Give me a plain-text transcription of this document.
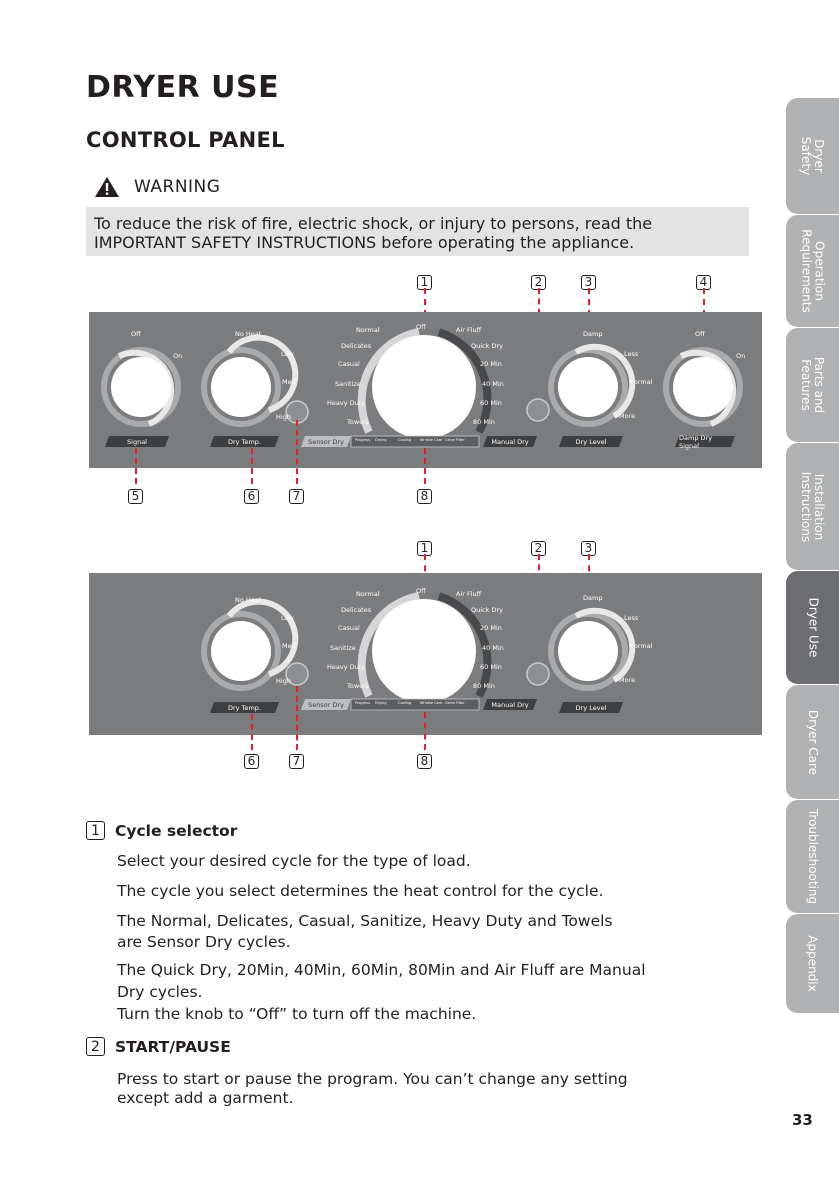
DRYER USE
CONTROL PANEL
WARNING
To reduce the risk of fire, electric shock, or injury to persons, read the
IMPORTANT SAFETY INSTRUCTIONS before operating the appliance.
Dryer
Safety
Operation
Requirements
Parts and
Features
Installation
Instructions
Dryer Use
Dryer Care
Troubleshooting
Appendix
1	2	3	4
Off
On
No Heat
Low
Med
High
Normal
Delicates
Casual
Sanitize
Heavy Duty
Towels
Off	Air Fluff
Quick Dry
20 Min
40 Min
60 Min
80 Min
Damp
Less
Normal
More
Off
On
Signal	Dry Temp.	Sensor Dry	Manual Dry	Dry Level	Damp Dry Signal
Progress Drying	Cooling	Wrinkle Care Clean Filter
5	6	7	8
1	2	3
No Heat
Low
Med
High
Normal
Delicates
Casual
Sanitize
Heavy Duty
Towels
Off	Air Fluff
Quick Dry
20 Min
40 Min
60 Min
80 Min
Damp
Less
Normal
More
Dry Temp.	Sensor Dry	Manual Dry	Dry Level
Progress Drying	Cooling	Wrinkle Care Clean Filter
6	7	8
1 Cycle selector
Select your desired cycle for the type of load.
The cycle you select determines the heat control for the cycle.
The Normal, Delicates, Casual, Sanitize, Heavy Duty and Towels
are Sensor Dry cycles.
The Quick Dry, 20Min, 40Min, 60Min, 80Min and Air Fluff are Manual
Dry cycles.
Turn the knob to “Off” to turn off the machine.
2 START/PAUSE
Press to start or pause the program. You can’t change any setting
except add a garment.
33
